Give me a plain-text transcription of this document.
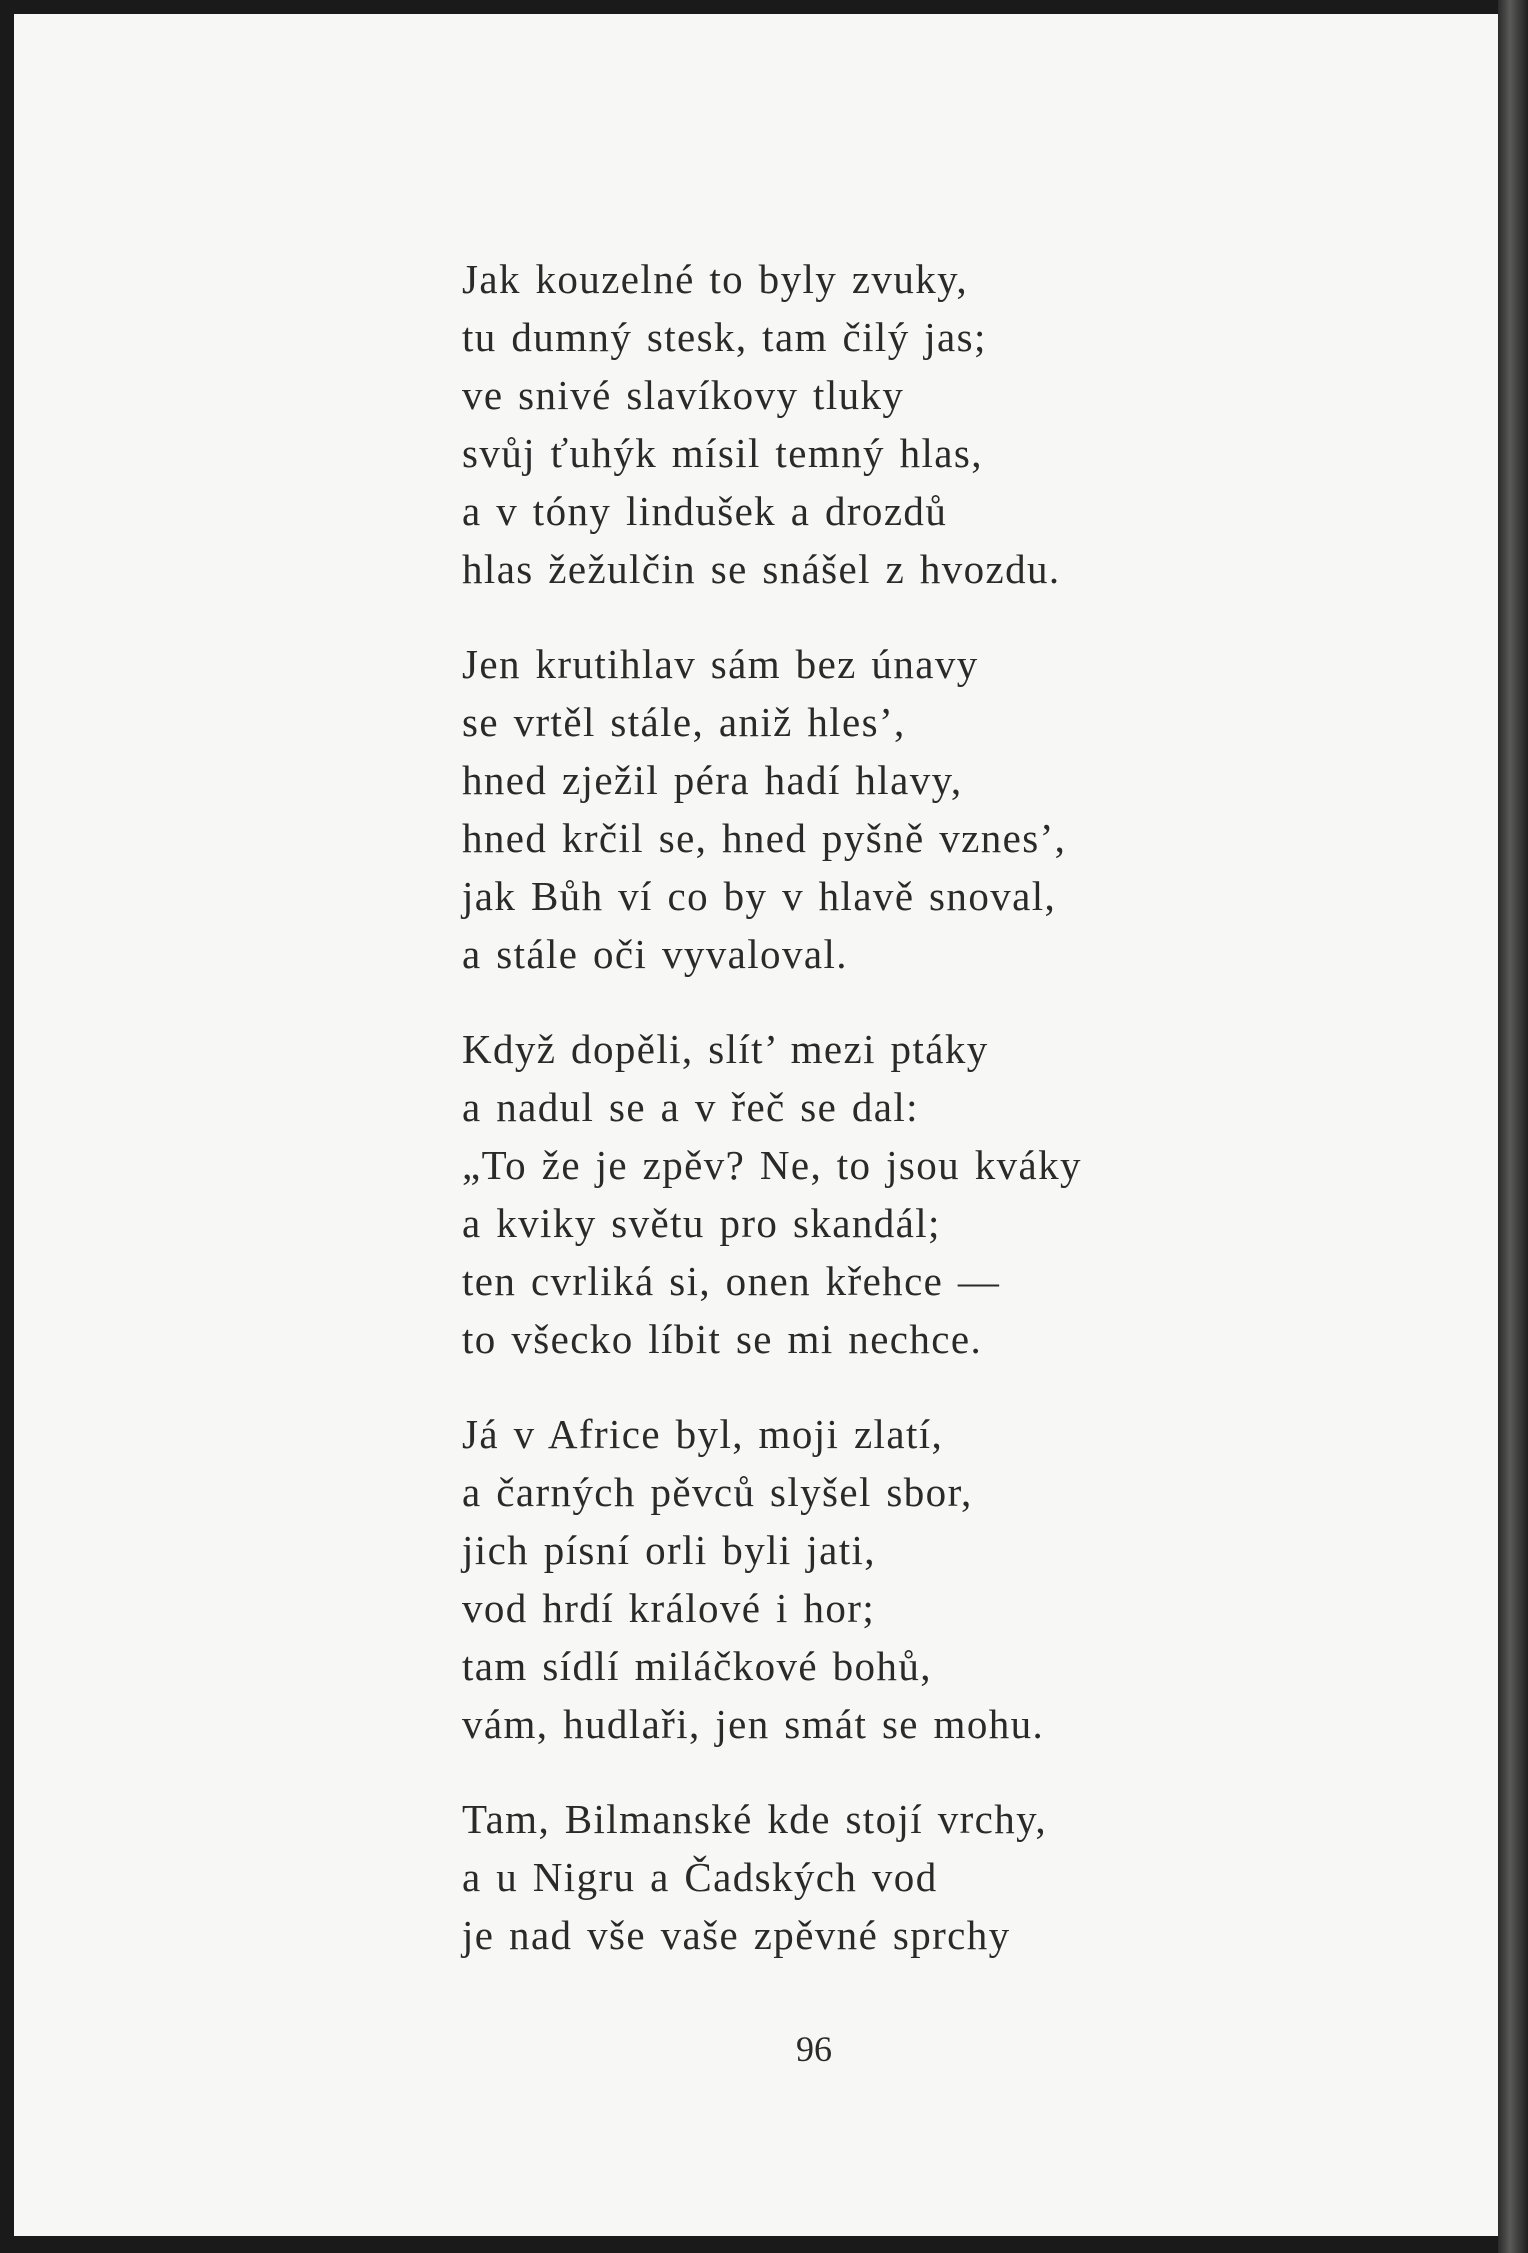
Jak kouzelné to byly zvuky,
tu dumný stesk, tam čilý jas;
ve snivé slavíkovy tluky
svůj ťuhýk mísil temný hlas,
a v tóny lindušek a drozdů
hlas žežulčin se snášel z hvozdu.
Jen krutihlav sám bez únavy
se vrtěl stále, aniž hles’,
hned zježil péra hadí hlavy,
hned krčil se, hned pyšně vznes’,
jak Bůh ví co by v hlavě snoval,
a stále oči vyvaloval.
Když dopěli, slít’ mezi ptáky
a nadul se a v řeč se dal:
„To že je zpěv? Ne, to jsou kváky
a kviky světu pro skandál;
ten cvrliká si, onen křehce —
to všecko líbit se mi nechce.
Já v Africe byl, moji zlatí,
a čarných pěvců slyšel sbor,
jich písní orli byli jati,
vod hrdí králové i hor;
tam sídlí miláčkové bohů,
vám, hudlaři, jen smát se mohu.
Tam, Bilmanské kde stojí vrchy,
a u Nigru a Čadských vod
je nad vše vaše zpěvné sprchy
96
